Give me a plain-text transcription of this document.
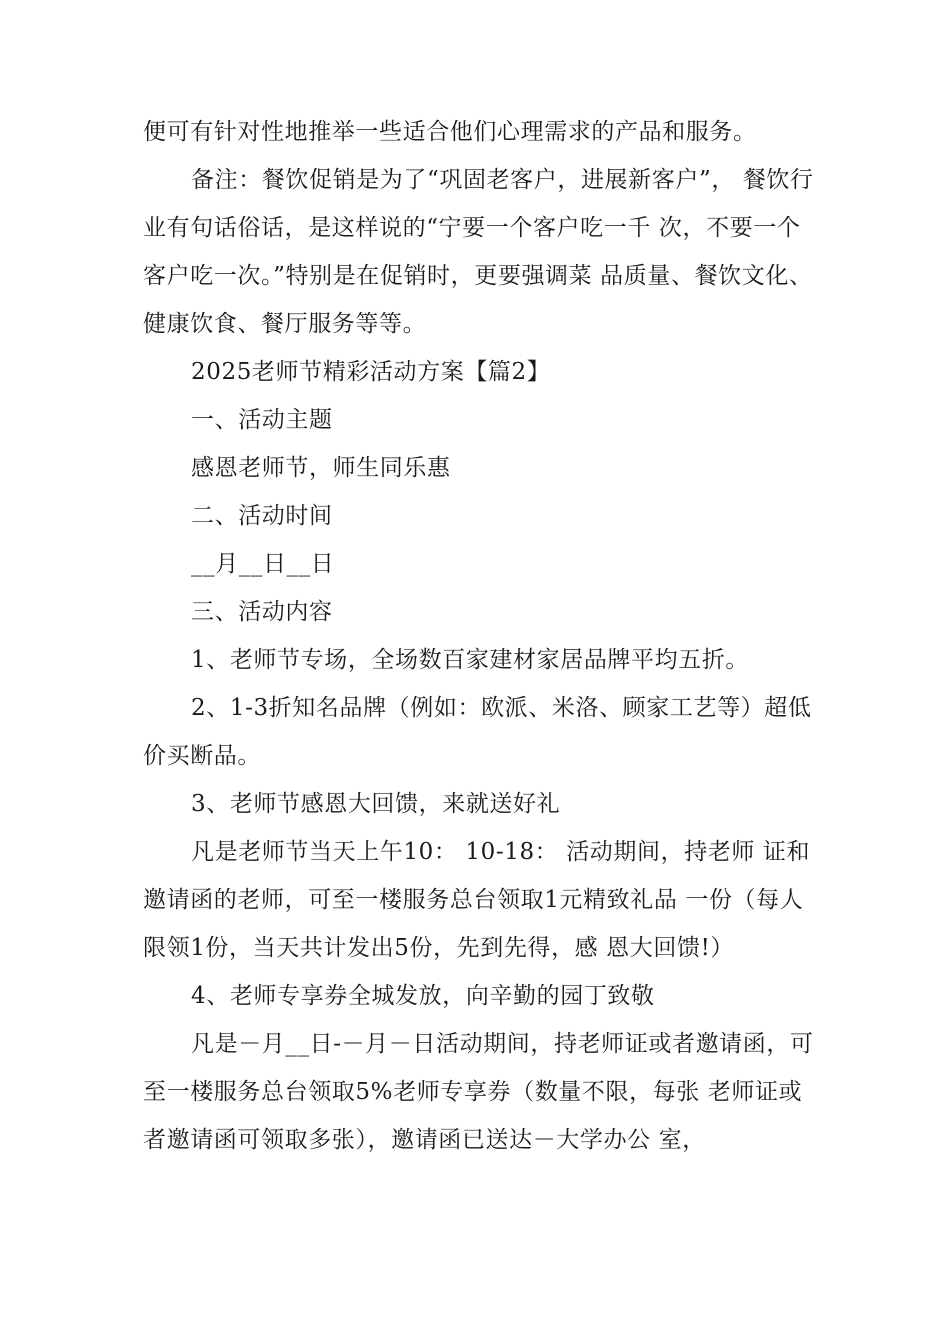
便可有针对性地推举一些适合他们心理需求的产品和服务。

备注：餐饮促销是为了“巩固老客户，进展新客户”， 餐饮行业有句话俗话，是这样说的“宁要一个客户吃一千 次，不要一个客户吃一次。”特别是在促销时，更要强调菜 品质量、餐饮文化、健康饮食、餐厅服务等等。

2025老师节精彩活动方案【篇2】

一、活动主题

感恩老师节，师生同乐惠

二、活动时间

__月__日__日

三、活动内容

1、老师节专场，全场数百家建材家居品牌平均五折。

2、1-3折知名品牌（例如：欧派、米洛、顾家工艺等）超低价买断品。

3、老师节感恩大回馈，来就送好礼

凡是老师节当天上午10： 10-18： 活动期间，持老师 证和邀请函的老师，可至一楼服务总台领取1元精致礼品 一份（每人限领1份，当天共计发出5份，先到先得，感 恩大回馈!）

4、老师专享券全城发放，向辛勤的园丁致敬

凡是－月__日-－月－日活动期间，持老师证或者邀请函，可至一楼服务总台领取5%老师专享券（数量不限，每张 老师证或者邀请函可领取多张），邀请函已送达－大学办公 室，
